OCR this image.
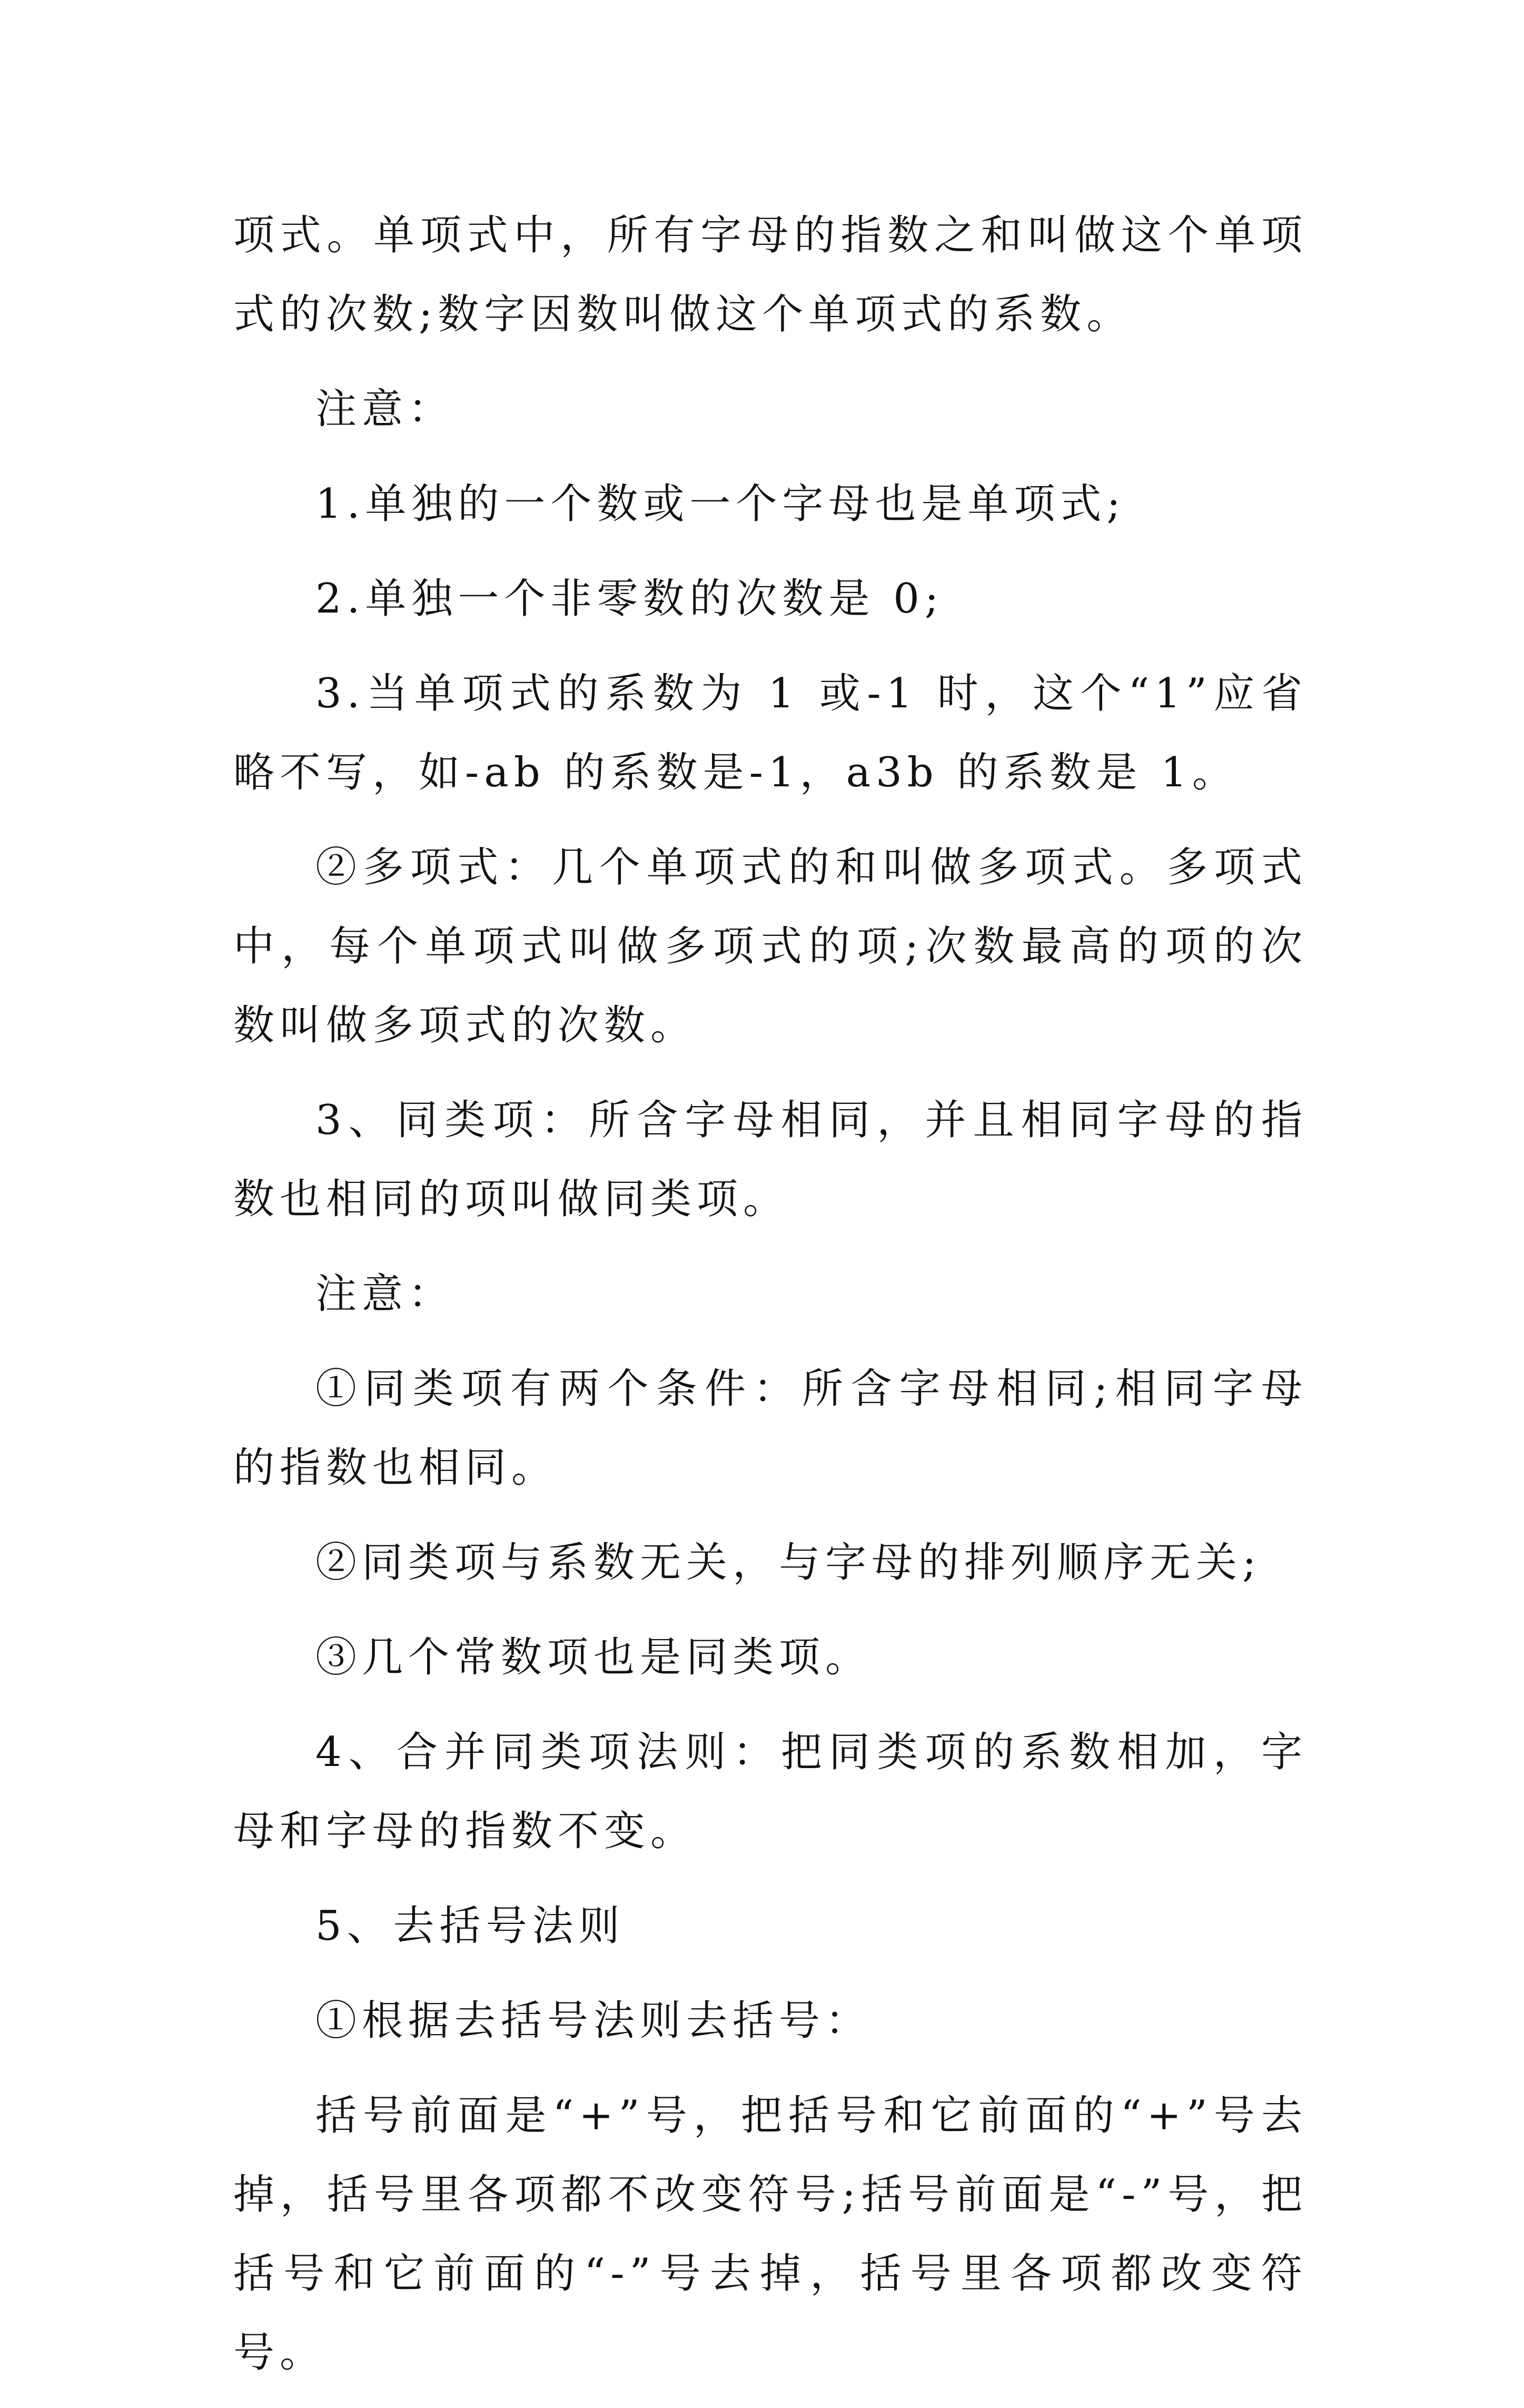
项式。单项式中，所有字母的指数之和叫做这个单项式的次数;数字因数叫做这个单项式的系数。

注意：

1.单独的一个数或一个字母也是单项式;

2.单独一个非零数的次数是 0;

3.当单项式的系数为 1 或-1 时，这个“1”应省略不写，如-ab 的系数是-1，a3b 的系数是 1。

②多项式：几个单项式的和叫做多项式。多项式中，每个单项式叫做多项式的项;次数最高的项的次数叫做多项式的次数。

3、同类项：所含字母相同，并且相同字母的指数也相同的项叫做同类项。

注意：

①同类项有两个条件：所含字母相同;相同字母的指数也相同。

②同类项与系数无关，与字母的排列顺序无关;

③几个常数项也是同类项。

4、合并同类项法则：把同类项的系数相加，字母和字母的指数不变。

5、去括号法则

①根据去括号法则去括号：

括号前面是“+”号，把括号和它前面的“+”号去掉，括号里各项都不改变符号;括号前面是“-”号，把括号和它前面的“-”号去掉，括号里各项都改变符号。
